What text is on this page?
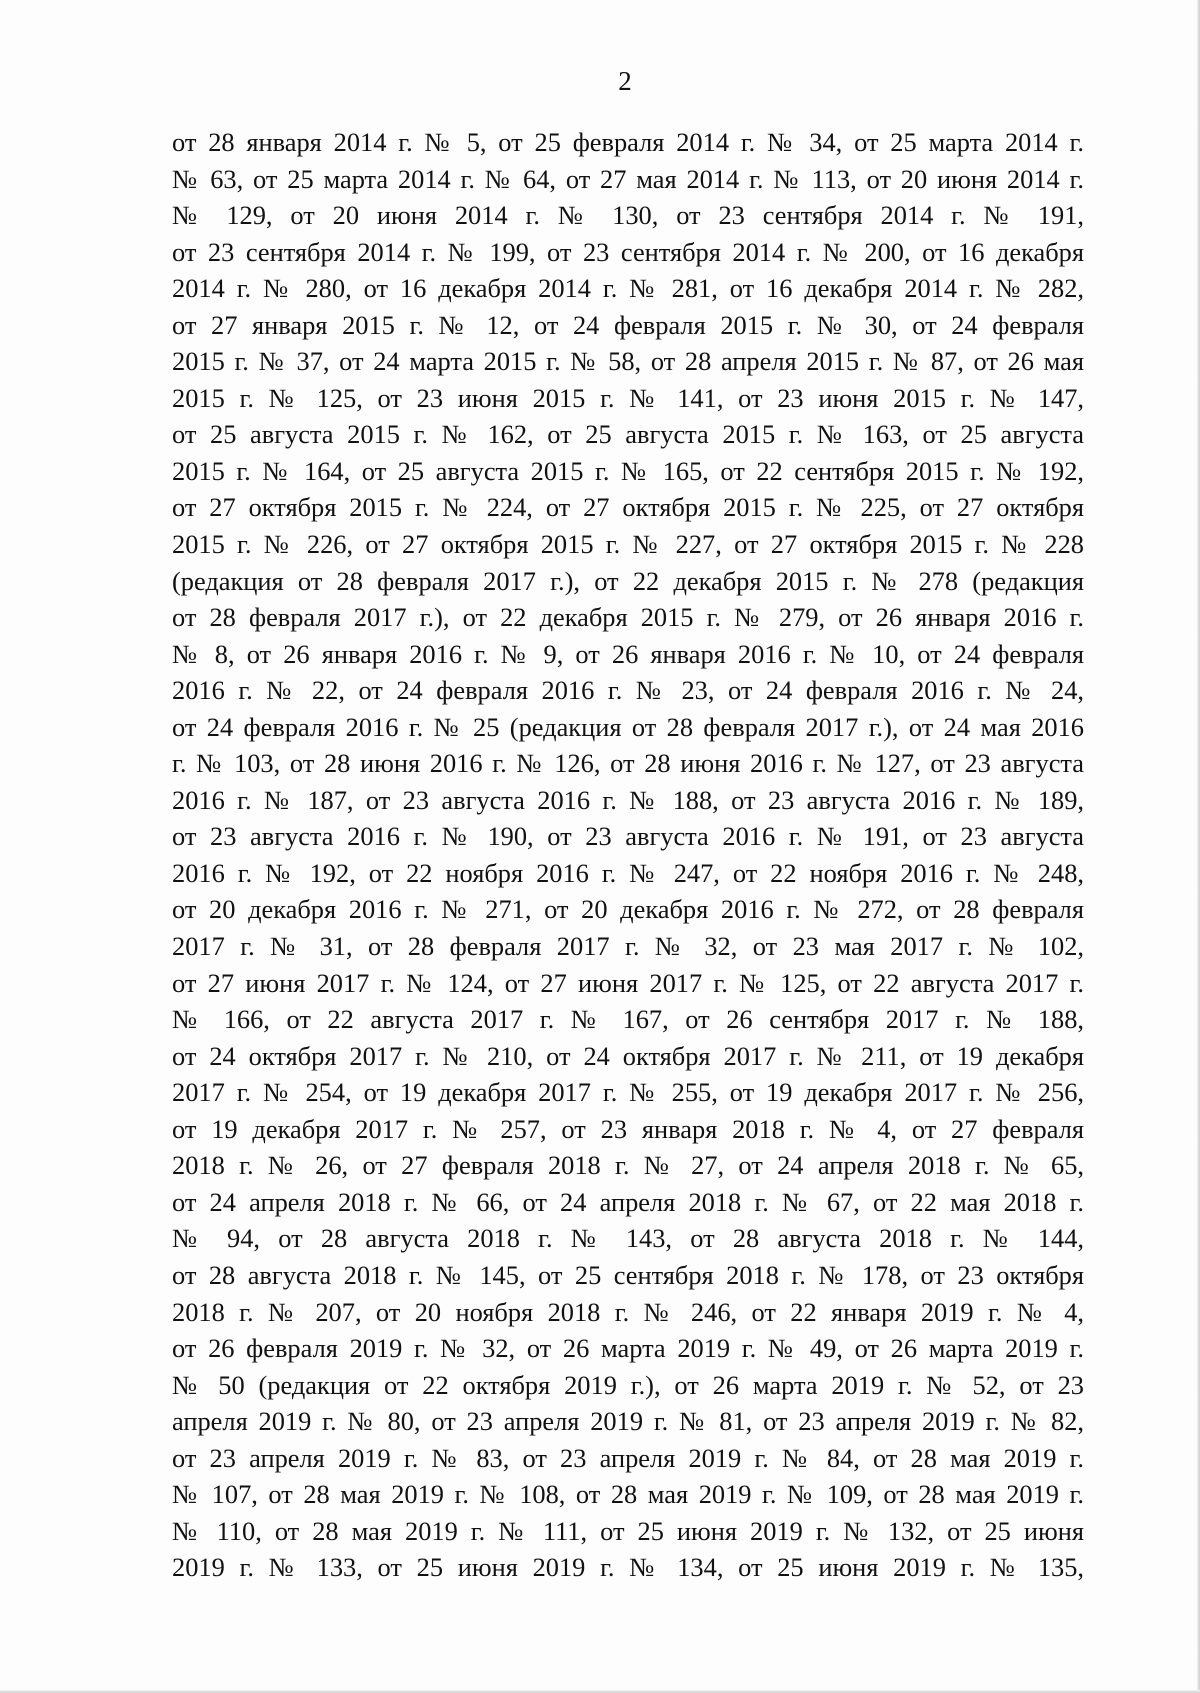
2
от 28 января 2014 г. № 5, от 25 февраля 2014 г. № 34, от 25 марта 2014 г.
№ 63, от 25 марта 2014 г. № 64, от 27 мая 2014 г. № 113, от 20 июня 2014 г.
№ 129, от 20 июня 2014 г. № 130, от 23 сентября 2014 г. № 191,
от 23 сентября 2014 г. № 199, от 23 сентября 2014 г. № 200, от 16 декабря
2014 г. № 280, от 16 декабря 2014 г. № 281, от 16 декабря 2014 г. № 282,
от 27 января 2015 г. № 12, от 24 февраля 2015 г. № 30, от 24 февраля
2015 г. № 37, от 24 марта 2015 г. № 58, от 28 апреля 2015 г. № 87, от 26 мая
2015 г. № 125, от 23 июня 2015 г. № 141, от 23 июня 2015 г. № 147,
от 25 августа 2015 г. № 162, от 25 августа 2015 г. № 163, от 25 августа
2015 г. № 164, от 25 августа 2015 г. № 165, от 22 сентября 2015 г. № 192,
от 27 октября 2015 г. № 224, от 27 октября 2015 г. № 225, от 27 октября
2015 г. № 226, от 27 октября 2015 г. № 227, от 27 октября 2015 г. № 228
(редакция от 28 февраля 2017 г.), от 22 декабря 2015 г. № 278 (редакция
от 28 февраля 2017 г.), от 22 декабря 2015 г. № 279, от 26 января 2016 г.
№ 8, от 26 января 2016 г. № 9, от 26 января 2016 г. № 10, от 24 февраля
2016 г. № 22, от 24 февраля 2016 г. № 23, от 24 февраля 2016 г. № 24,
от 24 февраля 2016 г. № 25 (редакция от 28 февраля 2017 г.), от 24 мая 2016
г. № 103, от 28 июня 2016 г. № 126, от 28 июня 2016 г. № 127, от 23 августа
2016 г. № 187, от 23 августа 2016 г. № 188, от 23 августа 2016 г. № 189,
от 23 августа 2016 г. № 190, от 23 августа 2016 г. № 191, от 23 августа
2016 г. № 192, от 22 ноября 2016 г. № 247, от 22 ноября 2016 г. № 248,
от 20 декабря 2016 г. № 271, от 20 декабря 2016 г. № 272, от 28 февраля
2017 г. № 31, от 28 февраля 2017 г. № 32, от 23 мая 2017 г. № 102,
от 27 июня 2017 г. № 124, от 27 июня 2017 г. № 125, от 22 августа 2017 г.
№ 166, от 22 августа 2017 г. № 167, от 26 сентября 2017 г. № 188,
от 24 октября 2017 г. № 210, от 24 октября 2017 г. № 211, от 19 декабря
2017 г. № 254, от 19 декабря 2017 г. № 255, от 19 декабря 2017 г. № 256,
от 19 декабря 2017 г. № 257, от 23 января 2018 г. № 4, от 27 февраля
2018 г. № 26, от 27 февраля 2018 г. № 27, от 24 апреля 2018 г. № 65,
от 24 апреля 2018 г. № 66, от 24 апреля 2018 г. № 67, от 22 мая 2018 г.
№ 94, от 28 августа 2018 г. № 143, от 28 августа 2018 г. № 144,
от 28 августа 2018 г. № 145, от 25 сентября 2018 г. № 178, от 23 октября
2018 г. № 207, от 20 ноября 2018 г. № 246, от 22 января 2019 г. № 4,
от 26 февраля 2019 г. № 32, от 26 марта 2019 г. № 49, от 26 марта 2019 г.
№ 50 (редакция от 22 октября 2019 г.), от 26 марта 2019 г. № 52, от 23
апреля 2019 г. № 80, от 23 апреля 2019 г. № 81, от 23 апреля 2019 г. № 82,
от 23 апреля 2019 г. № 83, от 23 апреля 2019 г. № 84, от 28 мая 2019 г.
№ 107, от 28 мая 2019 г. № 108, от 28 мая 2019 г. № 109, от 28 мая 2019 г.
№ 110, от 28 мая 2019 г. № 111, от 25 июня 2019 г. № 132, от 25 июня
2019 г. № 133, от 25 июня 2019 г. № 134, от 25 июня 2019 г. № 135,
